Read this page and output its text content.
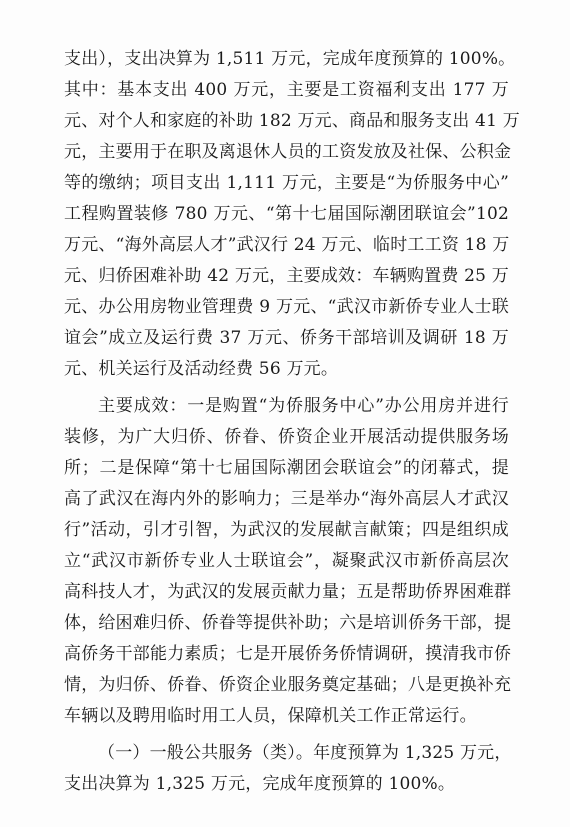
支出），支出决算为 1,511 万元，完成年度预算的 100%。
其中：基本支出 400 万元，主要是工资福利支出 177 万
元、对个人和家庭的补助 182 万元、商品和服务支出 41 万
元，主要用于在职及离退休人员的工资发放及社保、公积金
等的缴纳；项目支出 1,111 万元，主要是“为侨服务中心”
工程购置装修 780 万元、“第十七届国际潮团联谊会”102
万元、“海外高层人才”武汉行 24 万元、临时工工资 18 万
元、归侨困难补助 42 万元，主要成效：车辆购置费 25 万
元、办公用房物业管理费 9 万元、“武汉市新侨专业人士联
谊会”成立及运行费 37 万元、侨务干部培训及调研 18 万
元、机关运行及活动经费 56 万元。
主要成效：一是购置“为侨服务中心”办公用房并进行
装修，为广大归侨、侨眷、侨资企业开展活动提供服务场
所；二是保障“第十七届国际潮团会联谊会”的闭幕式，提
高了武汉在海内外的影响力；三是举办“海外高层人才武汉
行”活动，引才引智，为武汉的发展献言献策；四是组织成
立“武汉市新侨专业人士联谊会”，凝聚武汉市新侨高层次
高科技人才，为武汉的发展贡献力量；五是帮助侨界困难群
体，给困难归侨、侨眷等提供补助；六是培训侨务干部，提
高侨务干部能力素质；七是开展侨务侨情调研，摸清我市侨
情，为归侨、侨眷、侨资企业服务奠定基础；八是更换补充
车辆以及聘用临时用工人员，保障机关工作正常运行。
（一）一般公共服务（类）。年度预算为 1,325 万元，
支出决算为 1,325 万元，完成年度预算的 100%。
